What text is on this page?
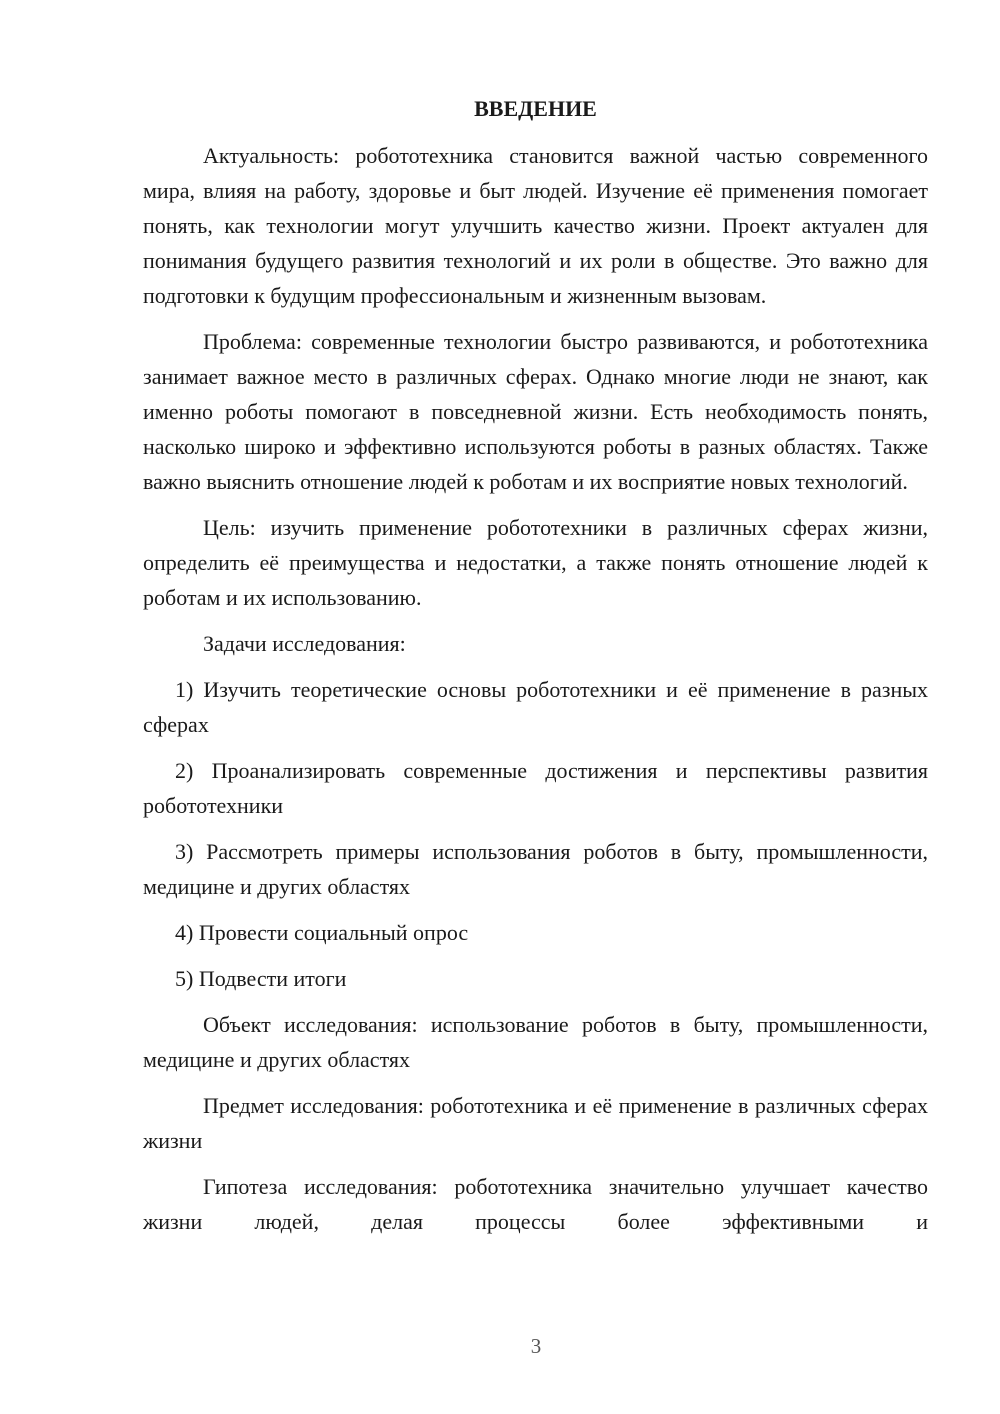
ВВЕДЕНИЕ

Актуальность: робототехника становится важной частью современного мира, влияя на работу, здоровье и быт людей. Изучение её применения помогает понять, как технологии могут улучшить качество жизни. Проект актуален для понимания будущего развития технологий и их роли в обществе. Это важно для подготовки к будущим профессиональным и жизненным вызовам.

Проблема: современные технологии быстро развиваются, и робототехника занимает важное место в различных сферах. Однако многие люди не знают, как именно роботы помогают в повседневной жизни. Есть необходимость понять, насколько широко и эффективно используются роботы в разных областях. Также важно выяснить отношение людей к роботам и их восприятие новых технологий.

Цель: изучить применение робототехники в различных сферах жизни, определить её преимущества и недостатки, а также понять отношение людей к роботам и их использованию.

Задачи исследования:

1) Изучить теоретические основы робототехники и её применение в разных сферах

2) Проанализировать современные достижения и перспективы развития робототехники

3) Рассмотреть примеры использования роботов в быту, промышленности, медицине и других областях

4) Провести социальный опрос

5) Подвести итоги

Объект исследования: использование роботов в быту, промышленности, медицине и других областях

Предмет исследования: робототехника и её применение в различных сферах жизни

Гипотеза исследования: робототехника значительно улучшает качество жизни людей, делая процессы более эффективными и

3
